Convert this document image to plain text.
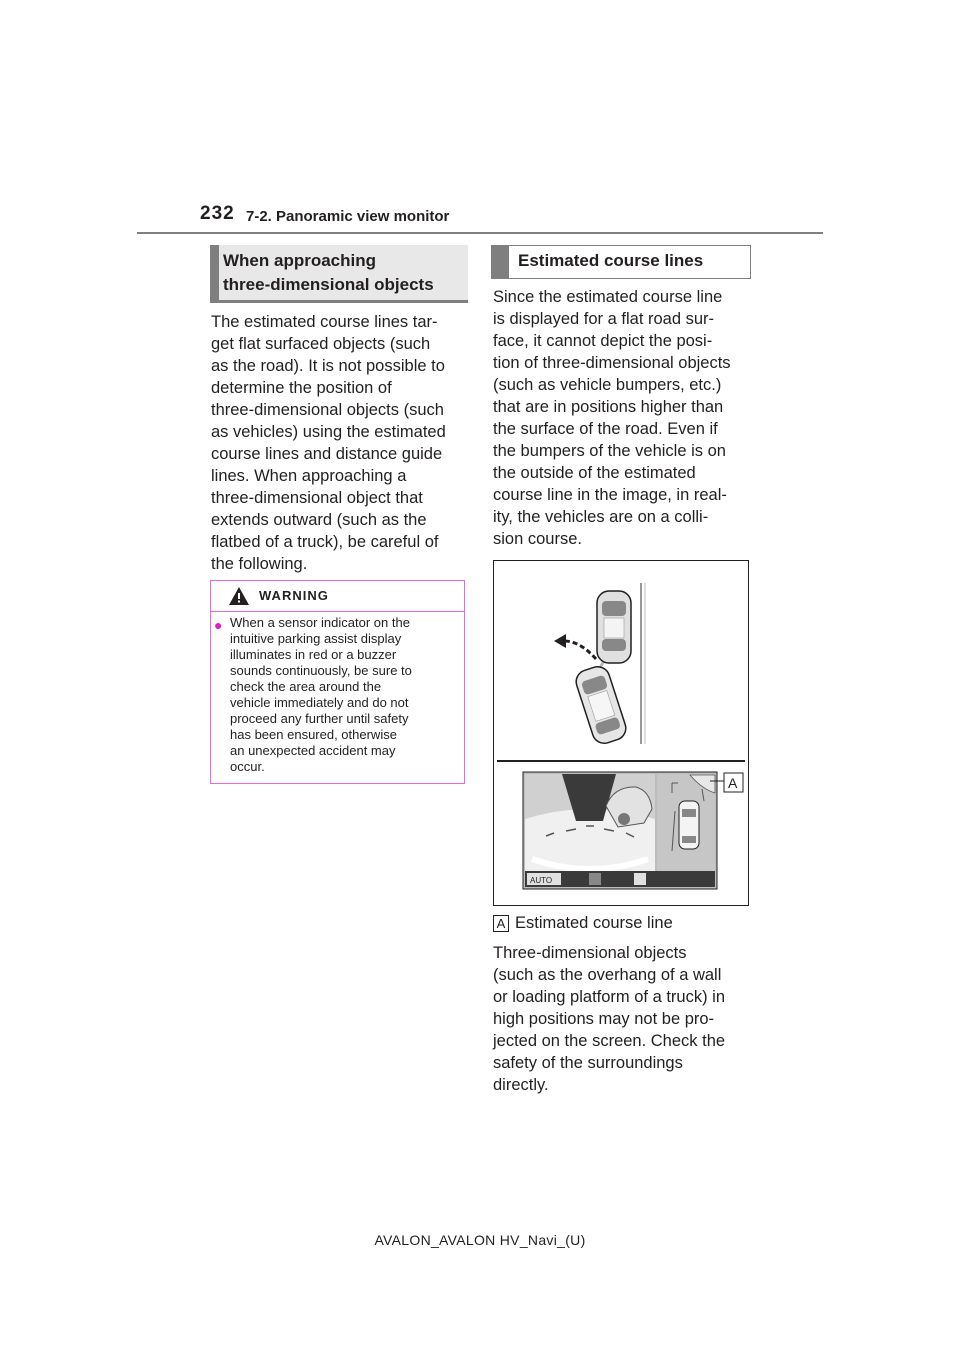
232 7-2. Panoramic view monitor
When approaching
three-dimensional objects
The estimated course lines tar-
get flat surfaced objects (such
as the road). It is not possible to
determine the position of
three-dimensional objects (such
as vehicles) using the estimated
course lines and distance guide
lines. When approaching a
three-dimensional object that
extends outward (such as the
flatbed of a truck), be careful of
the following.
WARNING
● When a sensor indicator on the
intuitive parking assist display
illuminates in red or a buzzer
sounds continuously, be sure to
check the area around the
vehicle immediately and do not
proceed any further until safety
has been ensured, otherwise
an unexpected accident may
occur.
Estimated course lines
Since the estimated course line
is displayed for a flat road sur-
face, it cannot depict the posi-
tion of three-dimensional objects
(such as vehicle bumpers, etc.)
that are in positions higher than
the surface of the road. Even if
the bumpers of the vehicle is on
the outside of the estimated
course line in the image, in real-
ity, the vehicles are on a colli-
sion course.
AUTO
A
A Estimated course line
Three-dimensional objects
(such as the overhang of a wall
or loading platform of a truck) in
high positions may not be pro-
jected on the screen. Check the
safety of the surroundings
directly.
AVALON_AVALON HV_Navi_(U)
